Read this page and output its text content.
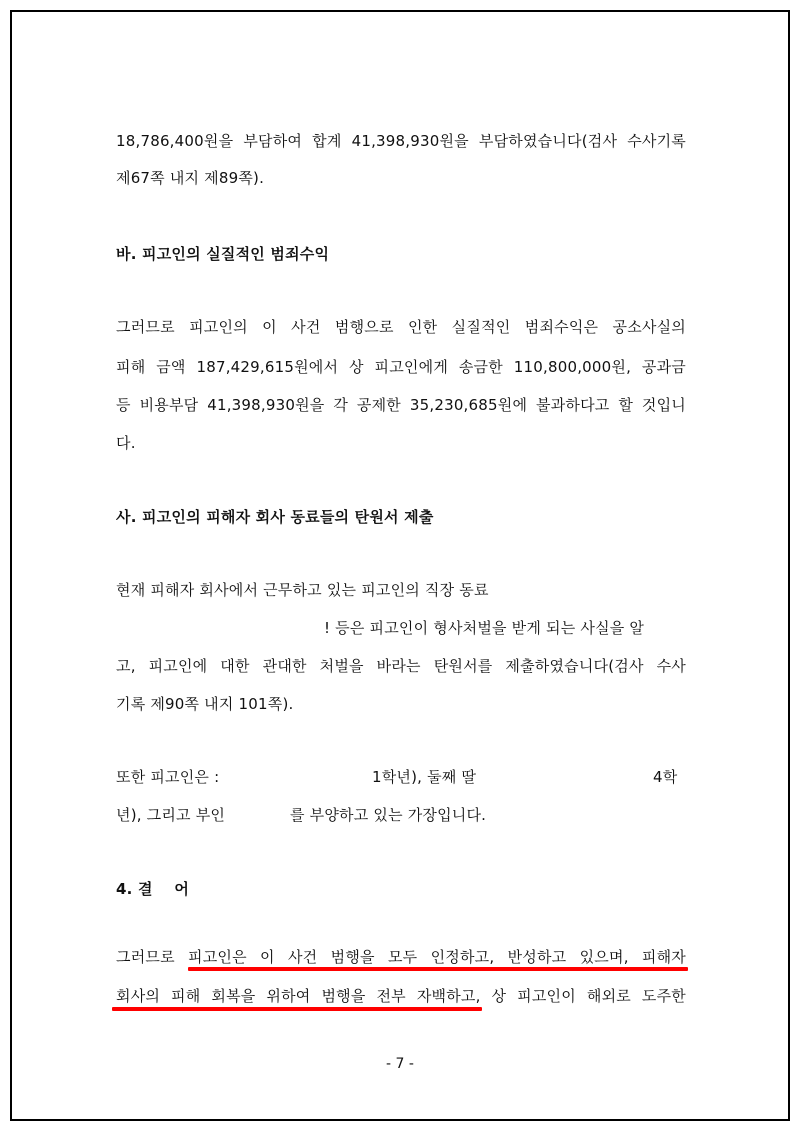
18,786,400원을 부담하여 합계 41,398,930원을 부담하였습니다(검사 수사기록
제67쪽 내지 제89쪽).
바. 피고인의 실질적인 범죄수익
그러므로 피고인의 이 사건 범행으로 인한 실질적인 범죄수익은 공소사실의
피해 금액 187,429,615원에서 상 피고인에게 송금한 110,800,000원, 공과금
등 비용부담 41,398,930원을 각 공제한 35,230,685원에 불과하다고 할 것입니
다.
사. 피고인의 피해자 회사 동료들의 탄원서 제출
현재 피해자 회사에서 근무하고 있는 피고인의 직장 동료
! 등은 피고인이 형사처벌을 받게 되는 사실을 알
고, 피고인에 대한 관대한 처벌을 바라는 탄원서를 제출하였습니다(검사 수사
기록 제90쪽 내지 101쪽).
또한 피고인은 :	1학년), 둘째 딸	4학
년), 그리고 부인	를 부양하고 있는 가장입니다.
4. 결    어
그러므로 피고인은 이 사건 범행을 모두 인정하고, 반성하고 있으며, 피해자
회사의 피해 회복을 위하여 범행을 전부 자백하고, 상 피고인이 해외로 도주한
- 7 -
